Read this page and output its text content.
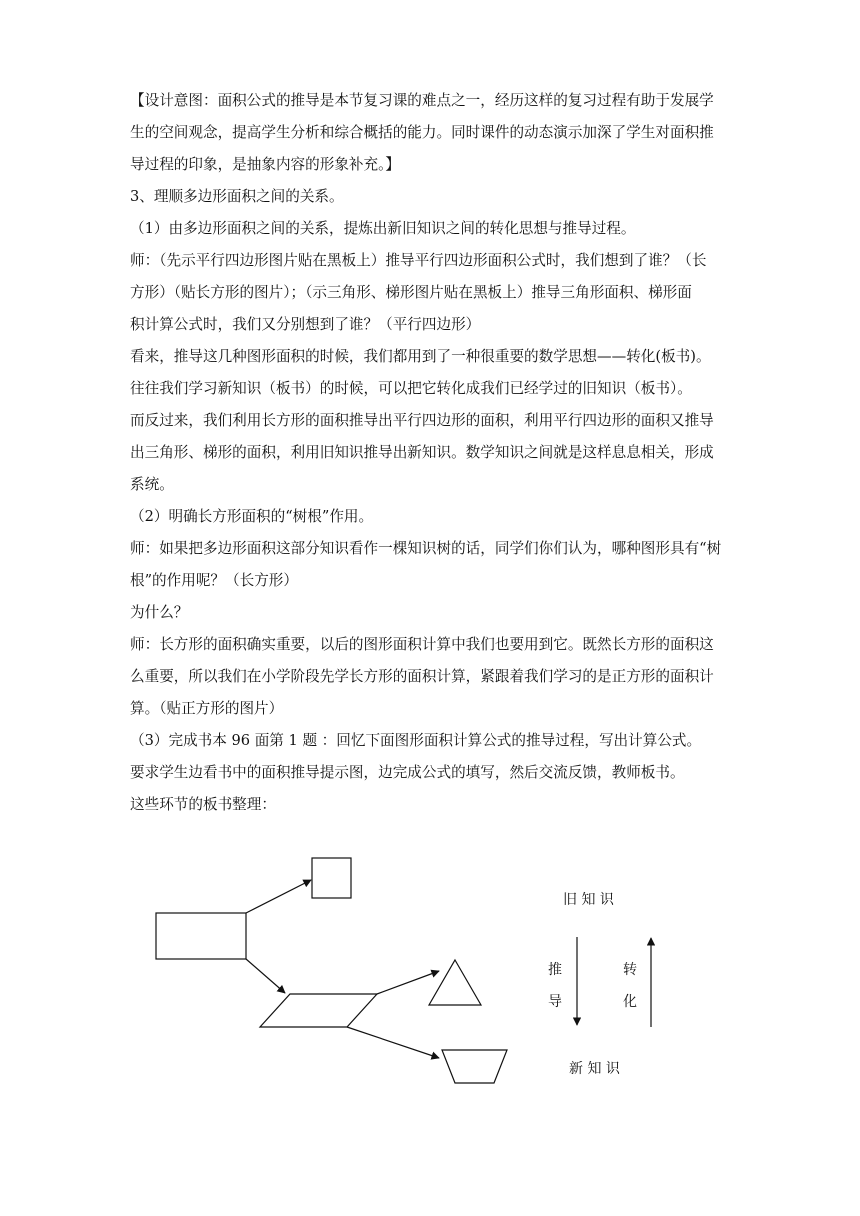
【设计意图：面积公式的推导是本节复习课的难点之一，经历这样的复习过程有助于发展学

生的空间观念，提高学生分析和综合概括的能力。同时课件的动态演示加深了学生对面积推

导过程的印象，是抽象内容的形象补充。】

3、理顺多边形面积之间的关系。

（1）由多边形面积之间的关系，提炼出新旧知识之间的转化思想与推导过程。

师：（先示平行四边形图片贴在黑板上）推导平行四边形面积公式时，我们想到了谁？（长

方形）（贴长方形的图片）；（示三角形、梯形图片贴在黑板上）推导三角形面积、梯形面

积计算公式时，我们又分别想到了谁？（平行四边形）

看来，推导这几种图形面积的时候，我们都用到了一种很重要的数学思想——转化(板书)。

往往我们学习新知识（板书）的时候，可以把它转化成我们已经学过的旧知识（板书）。

而反过来，我们利用长方形的面积推导出平行四边形的面积，利用平行四边形的面积又推导

出三角形、梯形的面积，利用旧知识推导出新知识。数学知识之间就是这样息息相关，形成

系统。

（2）明确长方形面积的“树根”作用。

师：如果把多边形面积这部分知识看作一棵知识树的话，同学们你们认为，哪种图形具有“树

根”的作用呢？（长方形）

为什么？

师：长方形的面积确实重要，以后的图形面积计算中我们也要用到它。既然长方形的面积这

么重要，所以我们在小学阶段先学长方形的面积计算，紧跟着我们学习的是正方形的面积计

算。（贴正方形的图片）

（3）完成书本 96 面第 1 题 ：回忆下面图形面积计算公式的推导过程，写出计算公式。

要求学生边看书中的面积推导提示图，边完成公式的填写，然后交流反馈，教师板书。

这些环节的板书整理：

旧 知 识
新 知 识
推
导
转
化
